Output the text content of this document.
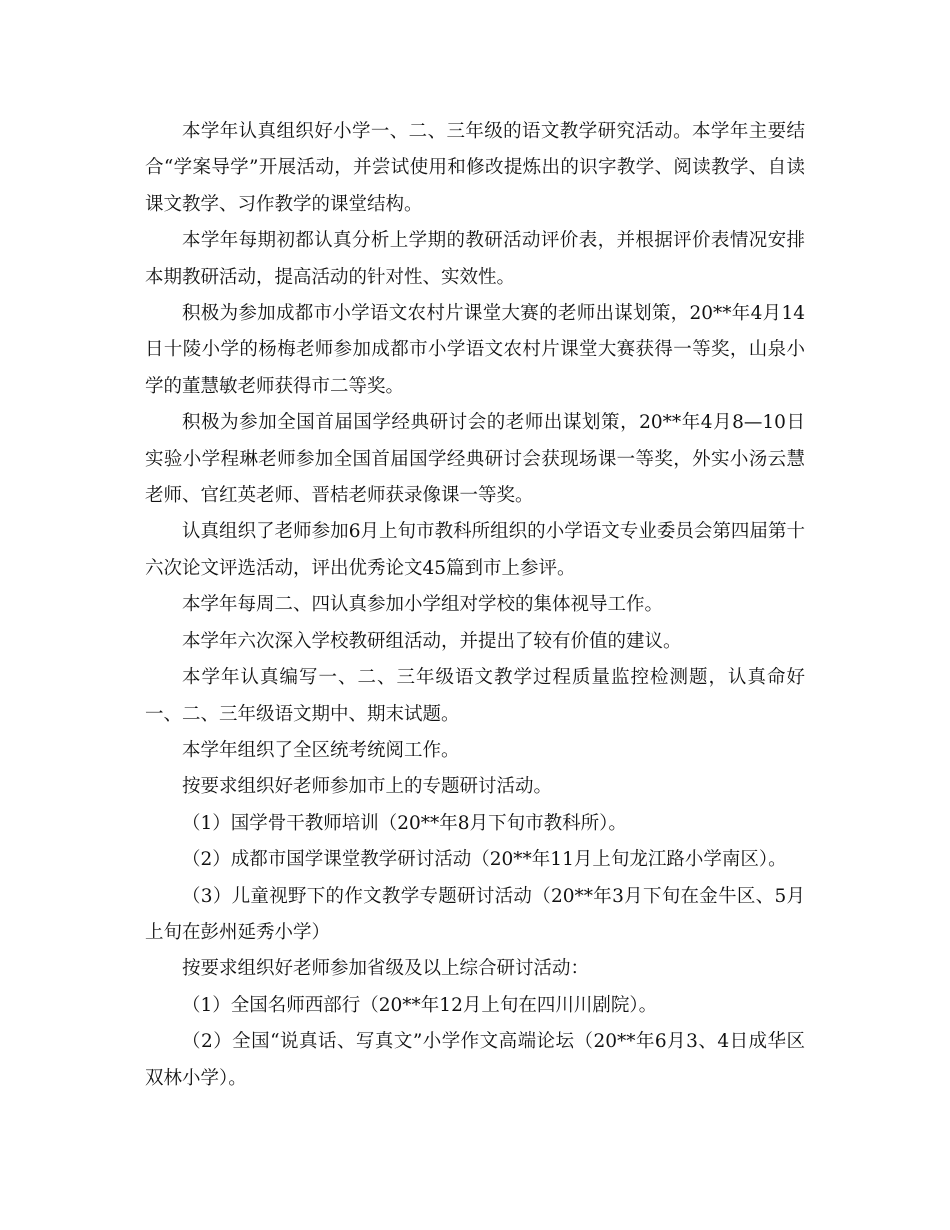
本学年认真组织好小学一、二、三年级的语文教学研究活动。本学年主要结合“学案导学”开展活动，并尝试使用和修改提炼出的识字教学、阅读教学、自读课文教学、习作教学的课堂结构。

本学年每期初都认真分析上学期的教研活动评价表，并根据评价表情况安排本期教研活动，提高活动的针对性、实效性。

积极为参加成都市小学语文农村片课堂大赛的老师出谋划策，20**年4月14日十陵小学的杨梅老师参加成都市小学语文农村片课堂大赛获得一等奖，山泉小学的董慧敏老师获得市二等奖。

积极为参加全国首届国学经典研讨会的老师出谋划策，20**年4月8—10日实验小学程琳老师参加全国首届国学经典研讨会获现场课一等奖，外实小汤云慧老师、官红英老师、晋桔老师获录像课一等奖。

认真组织了老师参加6月上旬市教科所组织的小学语文专业委员会第四届第十六次论文评选活动，评出优秀论文45篇到市上参评。

本学年每周二、四认真参加小学组对学校的集体视导工作。

本学年六次深入学校教研组活动，并提出了较有价值的建议。

本学年认真编写一、二、三年级语文教学过程质量监控检测题，认真命好一、二、三年级语文期中、期末试题。

本学年组织了全区统考统阅工作。

按要求组织好老师参加市上的专题研讨活动。

（1）国学骨干教师培训（20**年8月下旬市教科所）。

（2）成都市国学课堂教学研讨活动（20**年11月上旬龙江路小学南区）。

（3）儿童视野下的作文教学专题研讨活动（20**年3月下旬在金牛区、5月上旬在彭州延秀小学）

按要求组织好老师参加省级及以上综合研讨活动：

（1）全国名师西部行（20**年12月上旬在四川川剧院）。

（2）全国“说真话、写真文”小学作文高端论坛（20**年6月3、4日成华区双林小学）。
